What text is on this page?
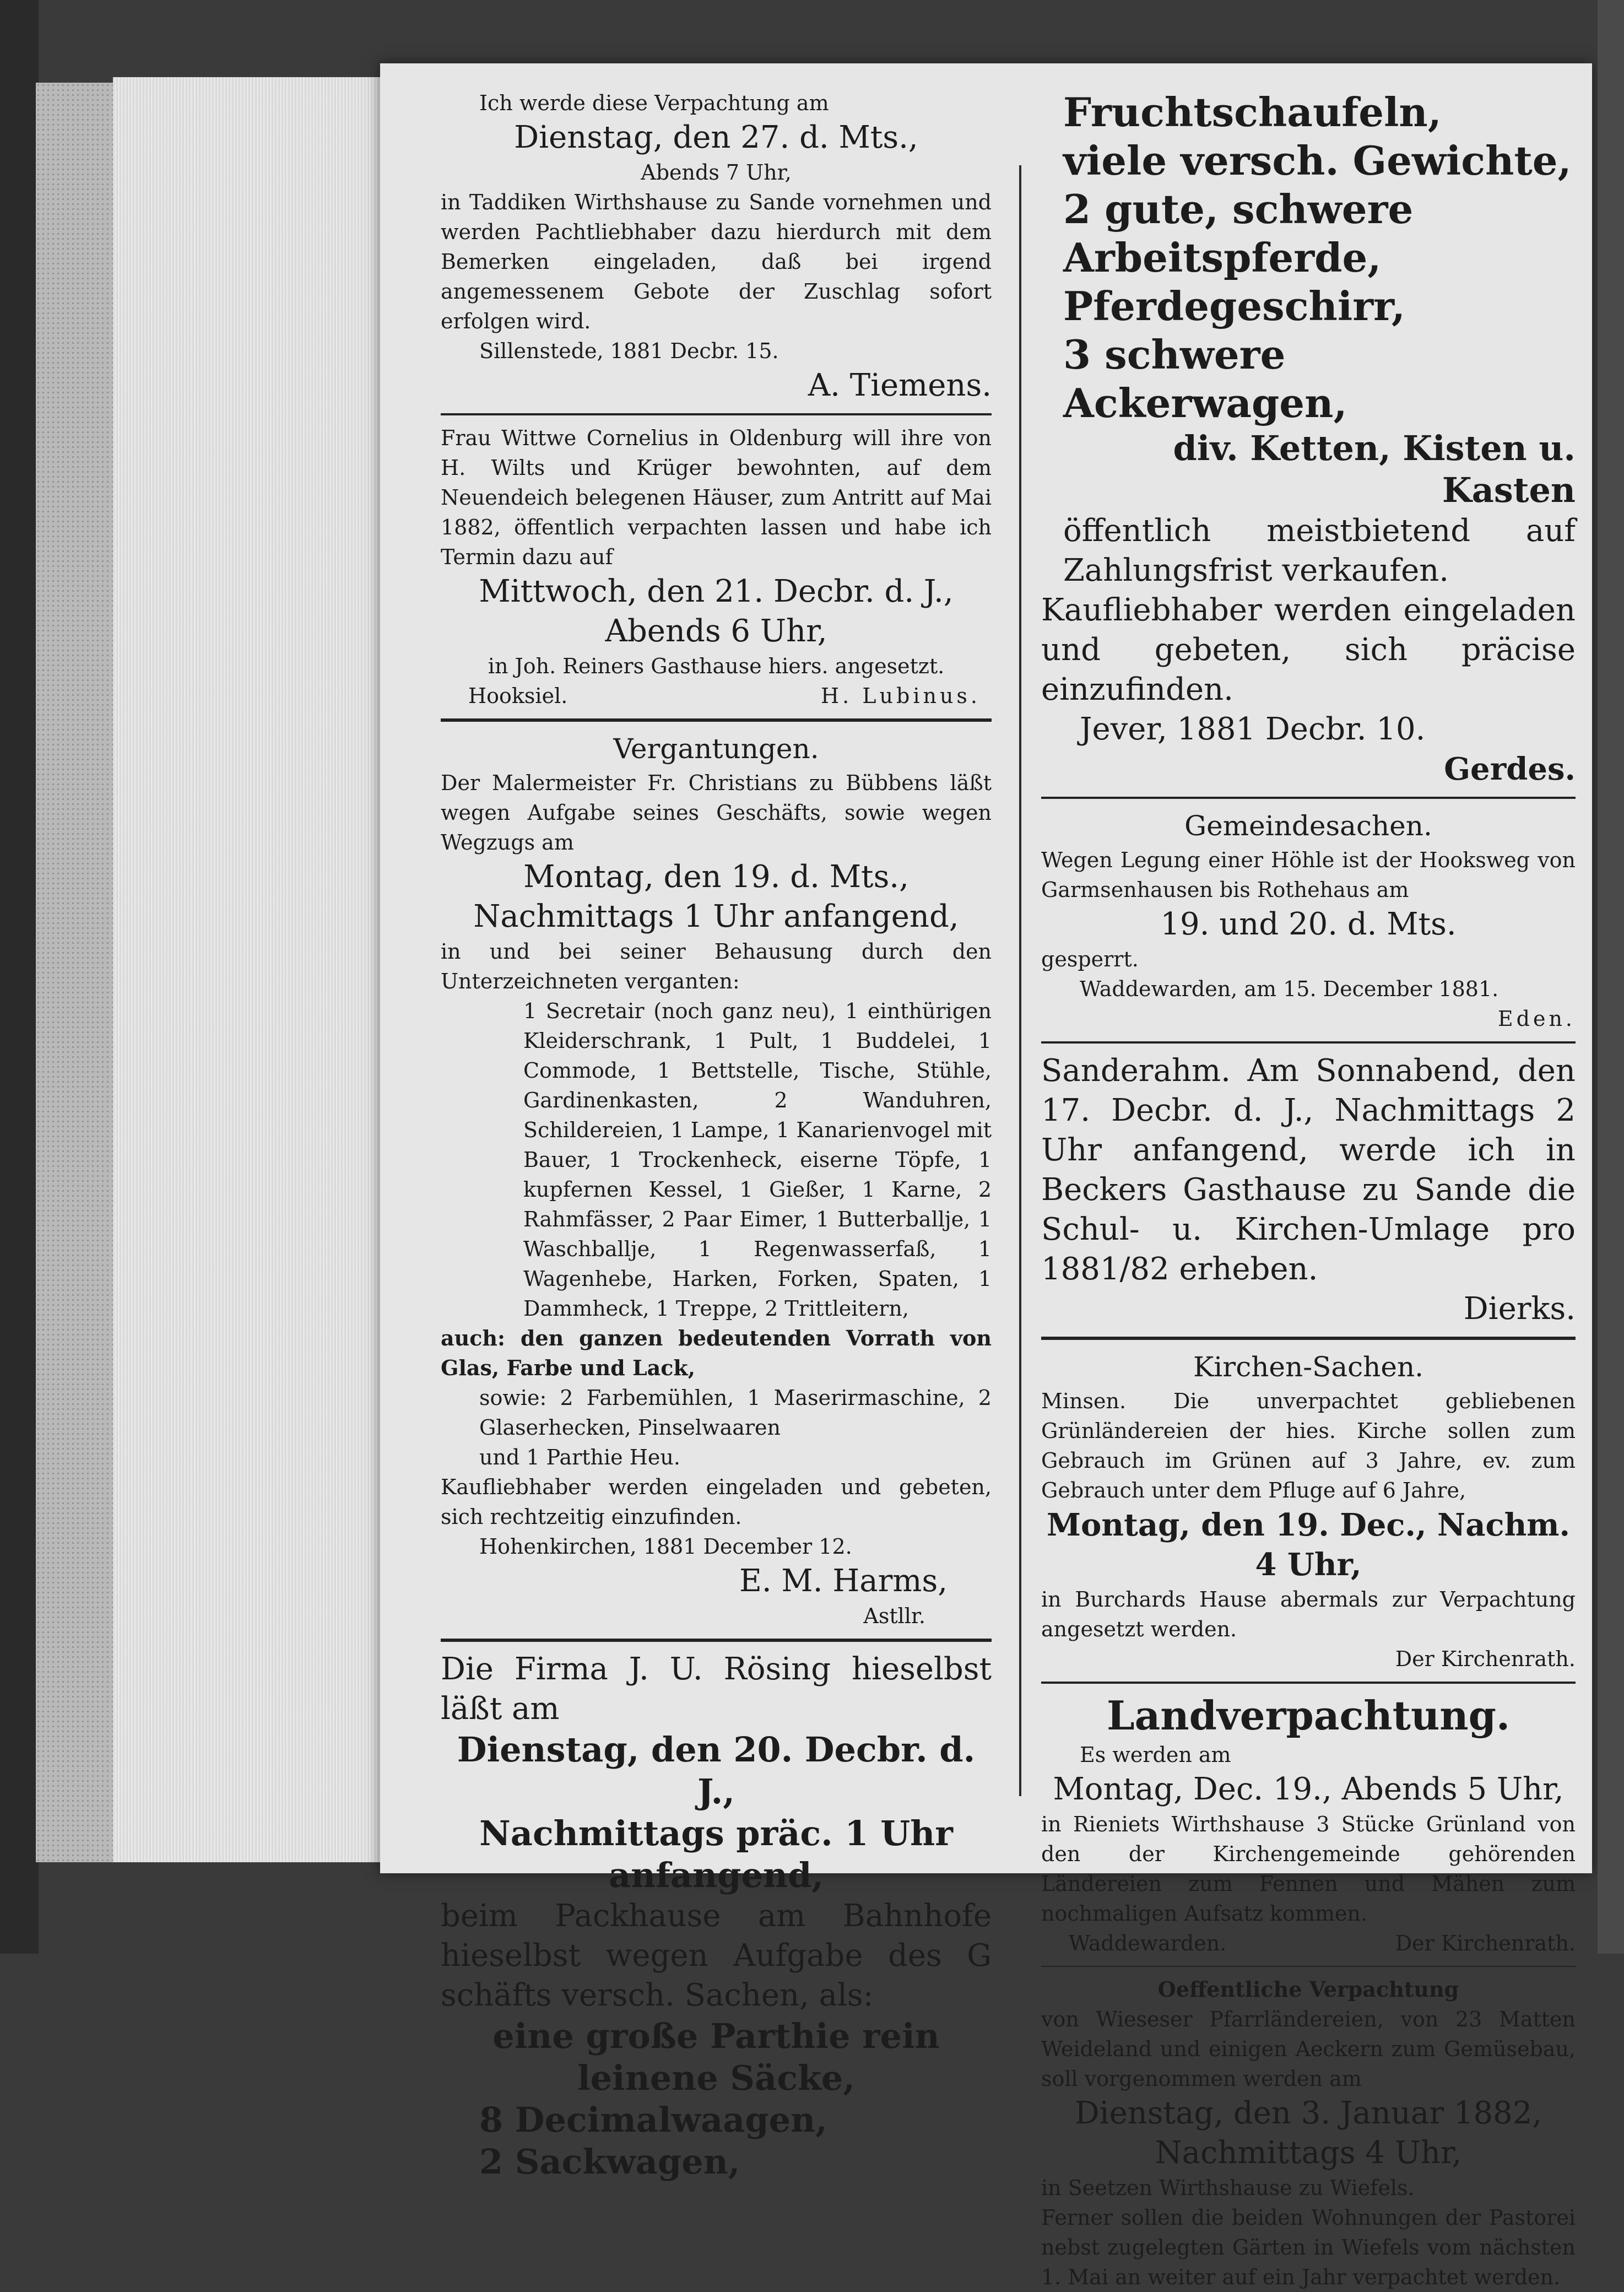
Ich werde diese Verpachtung am

Dienstag, den 27. d. Mts.,

Abends 7 Uhr,

in Taddiken Wirthshause zu Sande vornehmen und werden Pachtliebhaber dazu hierdurch mit dem Bemerken eingeladen, daß bei irgend angemessenem Gebote der Zuschlag sofort erfolgen wird.

Sillenstede, 1881 Decbr. 15.

A. Tiemens.

Frau Wittwe Cornelius in Oldenburg will ihre von H. Wilts und Krüger bewohnten, auf dem Neuendeich belegenen Häuser, zum Antritt auf Mai 1882, öffentlich verpachten lassen und habe ich Termin dazu auf

Mittwoch, den 21. Decbr. d. J.,

Abends 6 Uhr,

in Joh. Reiners Gasthause hiers. angesetzt.

Hooksiel.	H. Lubinus.

Vergantungen.

Der Malermeister Fr. Christians zu Bübbens läßt wegen Aufgabe seines Geschäfts, sowie wegen Wegzugs am

Montag, den 19. d. Mts.,

Nachmittags 1 Uhr anfangend,

in und bei seiner Behausung durch den Unterzeichneten verganten:

1 Secretair (noch ganz neu), 1 einthürigen Kleiderschrank, 1 Pult, 1 Buddelei, 1 Commode, 1 Bettstelle, Tische, Stühle, Gardinenkasten, 2 Wanduhren, Schildereien, 1 Lampe, 1 Kanarienvogel mit Bauer, 1 Trockenheck, eiserne Töpfe, 1 kupfernen Kessel, 1 Gießer, 1 Karne, 2 Rahmfässer, 2 Paar Eimer, 1 Butterballje, 1 Waschballje, 1 Regenwasserfaß, 1 Wagenhebe, Harken, Forken, Spaten, 1 Dammheck, 1 Treppe, 2 Trittleitern,

auch: den ganzen bedeutenden Vorrath von Glas, Farbe und Lack,

sowie: 2 Farbemühlen, 1 Maserirmaschine, 2 Glaserhecken, Pinselwaaren

und 1 Parthie Heu.

Kaufliebhaber werden eingeladen und gebeten, sich rechtzeitig einzufinden.

Hohenkirchen, 1881 December 12.

E. M. Harms,

Astllr.

Die Firma J. U. Rösing hieselbst läßt am

Dienstag, den 20. Decbr. d. J.,

Nachmittags präc. 1 Uhr anfangend,

beim Packhause am Bahnhofe hieselbst wegen Aufgabe des G schäfts versch. Sachen, als:

eine große Parthie rein leinene Säcke,

8 Decimalwaagen,

2 Sackwagen,

Fruchtschaufeln,

viele versch. Gewichte,

2 gute, schwere Arbeitspferde,

Pferdegeschirr,

3 schwere Ackerwagen,

div. Ketten, Kisten u. Kasten

öffentlich meistbietend auf Zahlungsfrist verkaufen.

Kaufliebhaber werden eingeladen und gebeten, sich präcise einzufinden.

Jever, 1881 Decbr. 10.

Gerdes.

Gemeindesachen.

Wegen Legung einer Höhle ist der Hooksweg von Garmsenhausen bis Rothehaus am

19. und 20. d. Mts.

gesperrt.

Waddewarden, am 15. December 1881.

Eden.

Sanderahm. Am Sonnabend, den 17. Decbr. d. J., Nachmittags 2 Uhr anfangend, werde ich in Beckers Gasthause zu Sande die Schul- u. Kirchen-Umlage pro 1881/82 erheben.

Dierks.

Kirchen-Sachen.

Minsen. Die unverpachtet gebliebenen Grünländereien der hies. Kirche sollen zum Gebrauch im Grünen auf 3 Jahre, ev. zum Gebrauch unter dem Pfluge auf 6 Jahre,

Montag, den 19. Dec., Nachm. 4 Uhr,

in Burchards Hause abermals zur Verpachtung angesetzt werden.

Der Kirchenrath.

Landverpachtung.

Es werden am

Montag, Dec. 19., Abends 5 Uhr,

in Rieniets Wirthshause 3 Stücke Grünland von den der Kirchengemeinde gehörenden Ländereien zum Fennen und Mähen zum nochmaligen Aufsatz kommen.

Waddewarden.	Der Kirchenrath.

Oeffentliche Verpachtung

von Wieseser Pfarrländereien, von 23 Matten Weideland und einigen Aeckern zum Gemüsebau, soll vorgenommen werden am

Dienstag, den 3. Januar 1882,

Nachmittags 4 Uhr,

in Seetzen Wirthshause zu Wiefels.

Ferner sollen die beiden Wohnungen der Pastorei nebst zugelegten Gärten in Wiefels vom nächsten 1. Mai an weiter auf ein Jahr verpachtet werden.
